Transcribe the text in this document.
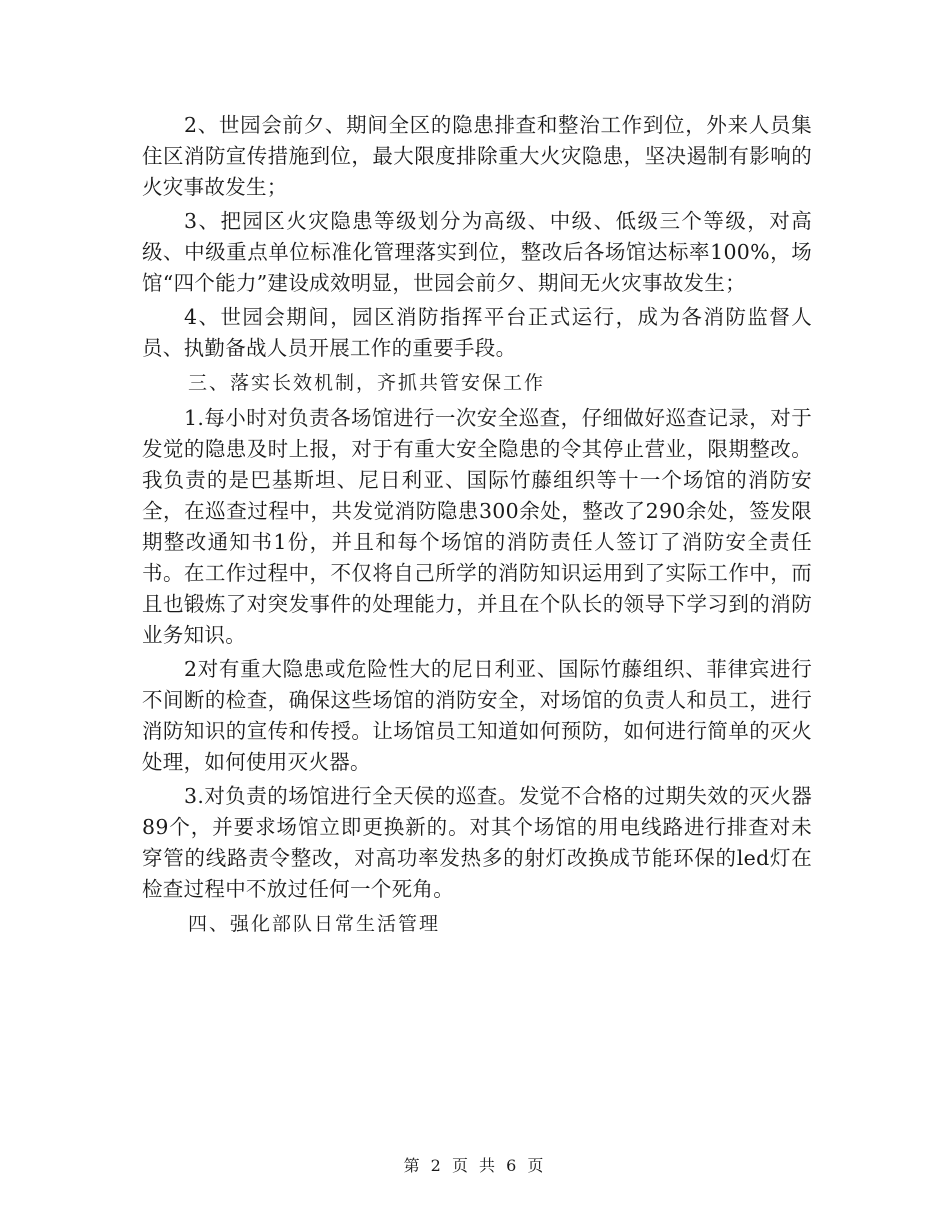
2、世园会前夕、期间全区的隐患排查和整治工作到位，外来人员集住区消防宣传措施到位，最大限度排除重大火灾隐患，坚决遏制有影响的火灾事故发生；

3、把园区火灾隐患等级划分为高级、中级、低级三个等级，对高级、中级重点单位标准化管理落实到位，整改后各场馆达标率100%，场馆“四个能力”建设成效明显，世园会前夕、期间无火灾事故发生；

4、世园会期间，园区消防指挥平台正式运行，成为各消防监督人员、执勤备战人员开展工作的重要手段。

三、落实长效机制，齐抓共管安保工作

1.每小时对负责各场馆进行一次安全巡查，仔细做好巡查记录，对于发觉的隐患及时上报，对于有重大安全隐患的令其停止营业，限期整改。我负责的是巴基斯坦、尼日利亚、国际竹藤组织等十一个场馆的消防安全，在巡查过程中，共发觉消防隐患300余处，整改了290余处，签发限期整改通知书1份，并且和每个场馆的消防责任人签订了消防安全责任书。在工作过程中，不仅将自己所学的消防知识运用到了实际工作中，而且也锻炼了对突发事件的处理能力，并且在个队长的领导下学习到的消防业务知识。

2对有重大隐患或危险性大的尼日利亚、国际竹藤组织、菲律宾进行不间断的检查，确保这些场馆的消防安全，对场馆的负责人和员工，进行消防知识的宣传和传授。让场馆员工知道如何预防，如何进行简单的灭火处理，如何使用灭火器。

3.对负责的场馆进行全天侯的巡查。发觉不合格的过期失效的灭火器89个，并要求场馆立即更换新的。对其个场馆的用电线路进行排查对未穿管的线路责令整改，对高功率发热多的射灯改换成节能环保的led灯在检查过程中不放过任何一个死角。

四、强化部队日常生活管理

第 2 页 共 6 页
